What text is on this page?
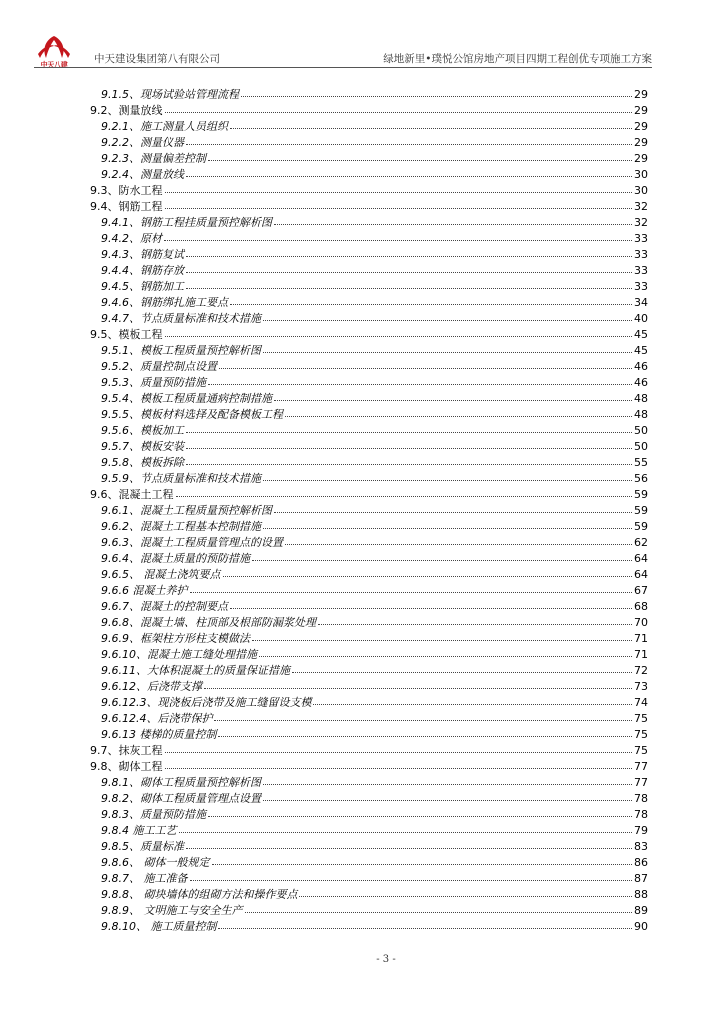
中天八建	中天建设集团第八有限公司	绿地新里•璞悦公馆房地产项目四期工程创优专项施工方案
9.1.5、现场试验站管理流程	29
9.2、测量放线	29
9.2.1、施工测量人员组织	29
9.2.2、测量仪器	29
9.2.3、测量偏差控制	29
9.2.4、测量放线	30
9.3、防水工程	30
9.4、钢筋工程	32
9.4.1、钢筋工程挂质量预控解析图	32
9.4.2、原材	33
9.4.3、钢筋复试	33
9.4.4、钢筋存放	33
9.4.5、钢筋加工	33
9.4.6、钢筋绑扎施工要点	34
9.4.7、节点质量标准和技术措施	40
9.5、模板工程	45
9.5.1、模板工程质量预控解析图	45
9.5.2、质量控制点设置	46
9.5.3、质量预防措施	46
9.5.4、模板工程质量通病控制措施	48
9.5.5、模板材料选择及配备模板工程	48
9.5.6、模板加工	50
9.5.7、模板安装	50
9.5.8、模板拆除	55
9.5.9、节点质量标准和技术措施	56
9.6、混凝土工程	59
9.6.1、混凝土工程质量预控解析图	59
9.6.2、混凝土工程基本控制措施	59
9.6.3、混凝土工程质量管理点的设置	62
9.6.4、混凝土质量的预防措施	64
9.6.5、 混凝土浇筑要点	64
9.6.6 混凝土养护	67
9.6.7、混凝土的控制要点	68
9.6.8、混凝土墙、柱顶部及根部防漏浆处理	70
9.6.9、框架柱方形柱支模做法	71
9.6.10、混凝土施工缝处理措施	71
9.6.11、大体积混凝土的质量保证措施	72
9.6.12、后浇带支撑	73
9.6.12.3、现浇板后浇带及施工缝留设支模	74
9.6.12.4、后浇带保护	75
9.6.13 楼梯的质量控制	75
9.7、抹灰工程	75
9.8、砌体工程	77
9.8.1、砌体工程质量预控解析图	77
9.8.2、砌体工程质量管理点设置	78
9.8.3、质量预防措施	78
9.8.4 施工工艺	79
9.8.5、质量标准	83
9.8.6、 砌体一般规定	86
9.8.7、 施工准备	87
9.8.8、 砌块墙体的组砌方法和操作要点	88
9.8.9、 文明施工与安全生产	89
9.8.10、 施工质量控制	90
- 3 -
